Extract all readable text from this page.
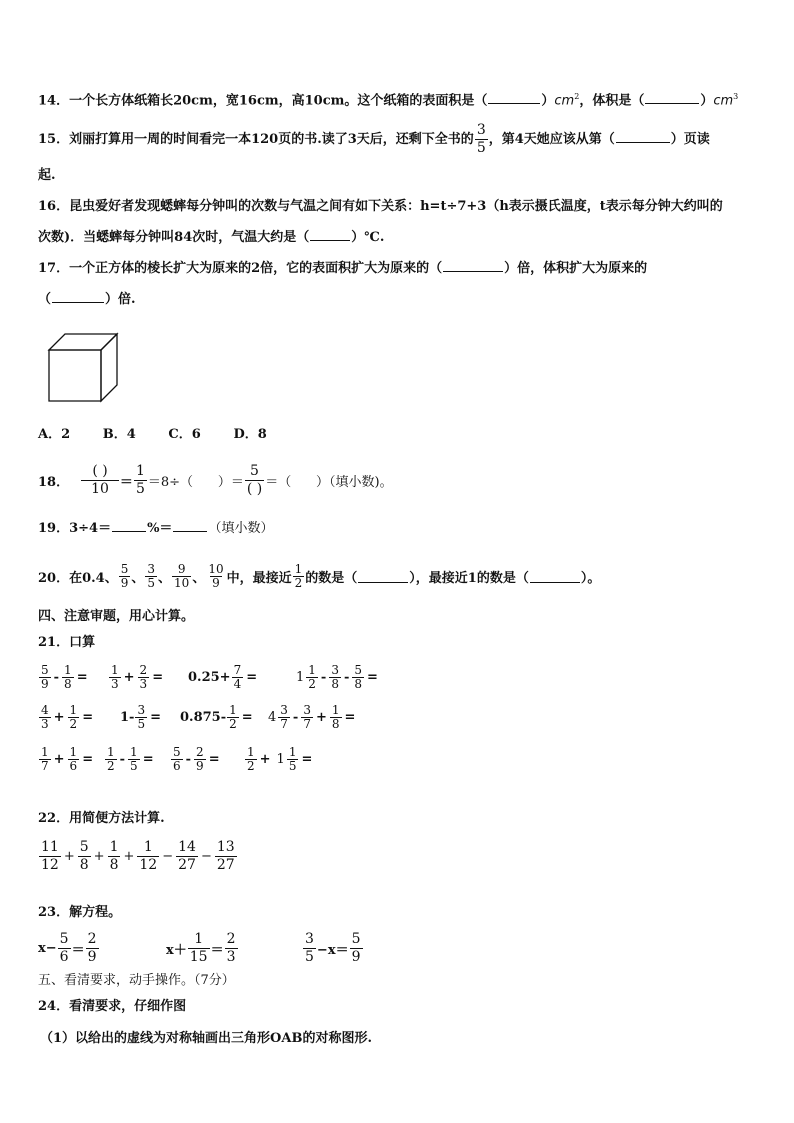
14．一个长方体纸箱长20cm，宽16cm，高10cm。这个纸箱的表面积是（	）$cm^2$，体积是（	）$cm^3$
15．刘丽打算用一周的时间看完一本120页的书.读了3天后，还剩下全书的 $\frac{3}{5}$ ，第4天她应该从第（	）页读
起.
16．昆虫爱好者发现蟋蟀每分钟叫的次数与气温之间有如下关系：h=t÷7+3（h表示摄氏温度，t表示每分钟大约叫的
次数)．当蟋蟀每分钟叫84次时，气温大约是（	）℃.
17．一个正方体的棱长扩大为原来的2倍，它的表面积扩大为原来的（	）倍，体积扩大为原来的
（	）倍.
A．2     B．4     C．6     D．8
18． $\frac{( )}{10} = \frac{1}{5} =8\div$（      ）＝ $\frac{5}{( )}$ ＝（      ）（填小数)。
19．3÷4＝	%＝	（填小数）
20． 在0.4、 $\frac{5}{9}$ 、 $\frac{3}{5}$ 、 $\frac{9}{10}$ 、 $\frac{10}{9}$ 中，最接近 $\frac{1}{2}$ 的数是（	），最接近1的数是（	）。
四、注意审题，用心计算。
21．口算
$\frac{5}{9} - \frac{1}{8} = \frac{1}{3} + \frac{2}{3} = 0.25+ \frac{7}{4}$ =	$1 \frac{1}{2} - \frac{3}{8} - \frac{5}{8}$ =
$\frac{4}{3} + \frac{1}{2} = 1- \frac{3}{5} = 0.875- \frac{1}{2} = 4 \frac{3}{7} - \frac{3}{7} + \frac{1}{8}$ =
$\frac{1}{7} + \frac{1}{6} = \frac{1}{2} - \frac{1}{5} = \frac{5}{6} - \frac{2}{9} = \frac{1}{2} + 1 \frac{1}{5}$ =
22．用简便方法计算.
$\frac{11}{12} + \frac{5}{8} + \frac{1}{8} + \frac{1}{12} - \frac{14}{27} - \frac{13}{27}$
23．解方程。
$x- \frac{5}{6} = \frac{2}{9}$	$x+ \frac{1}{15} = \frac{2}{3}$	$\frac{3}{5} -x= \frac{5}{9}$
五、看清要求，动手操作。（7分）
24．看清要求，仔细作图
（1）以给出的虚线为对称轴画出三角形OAB的对称图形.
